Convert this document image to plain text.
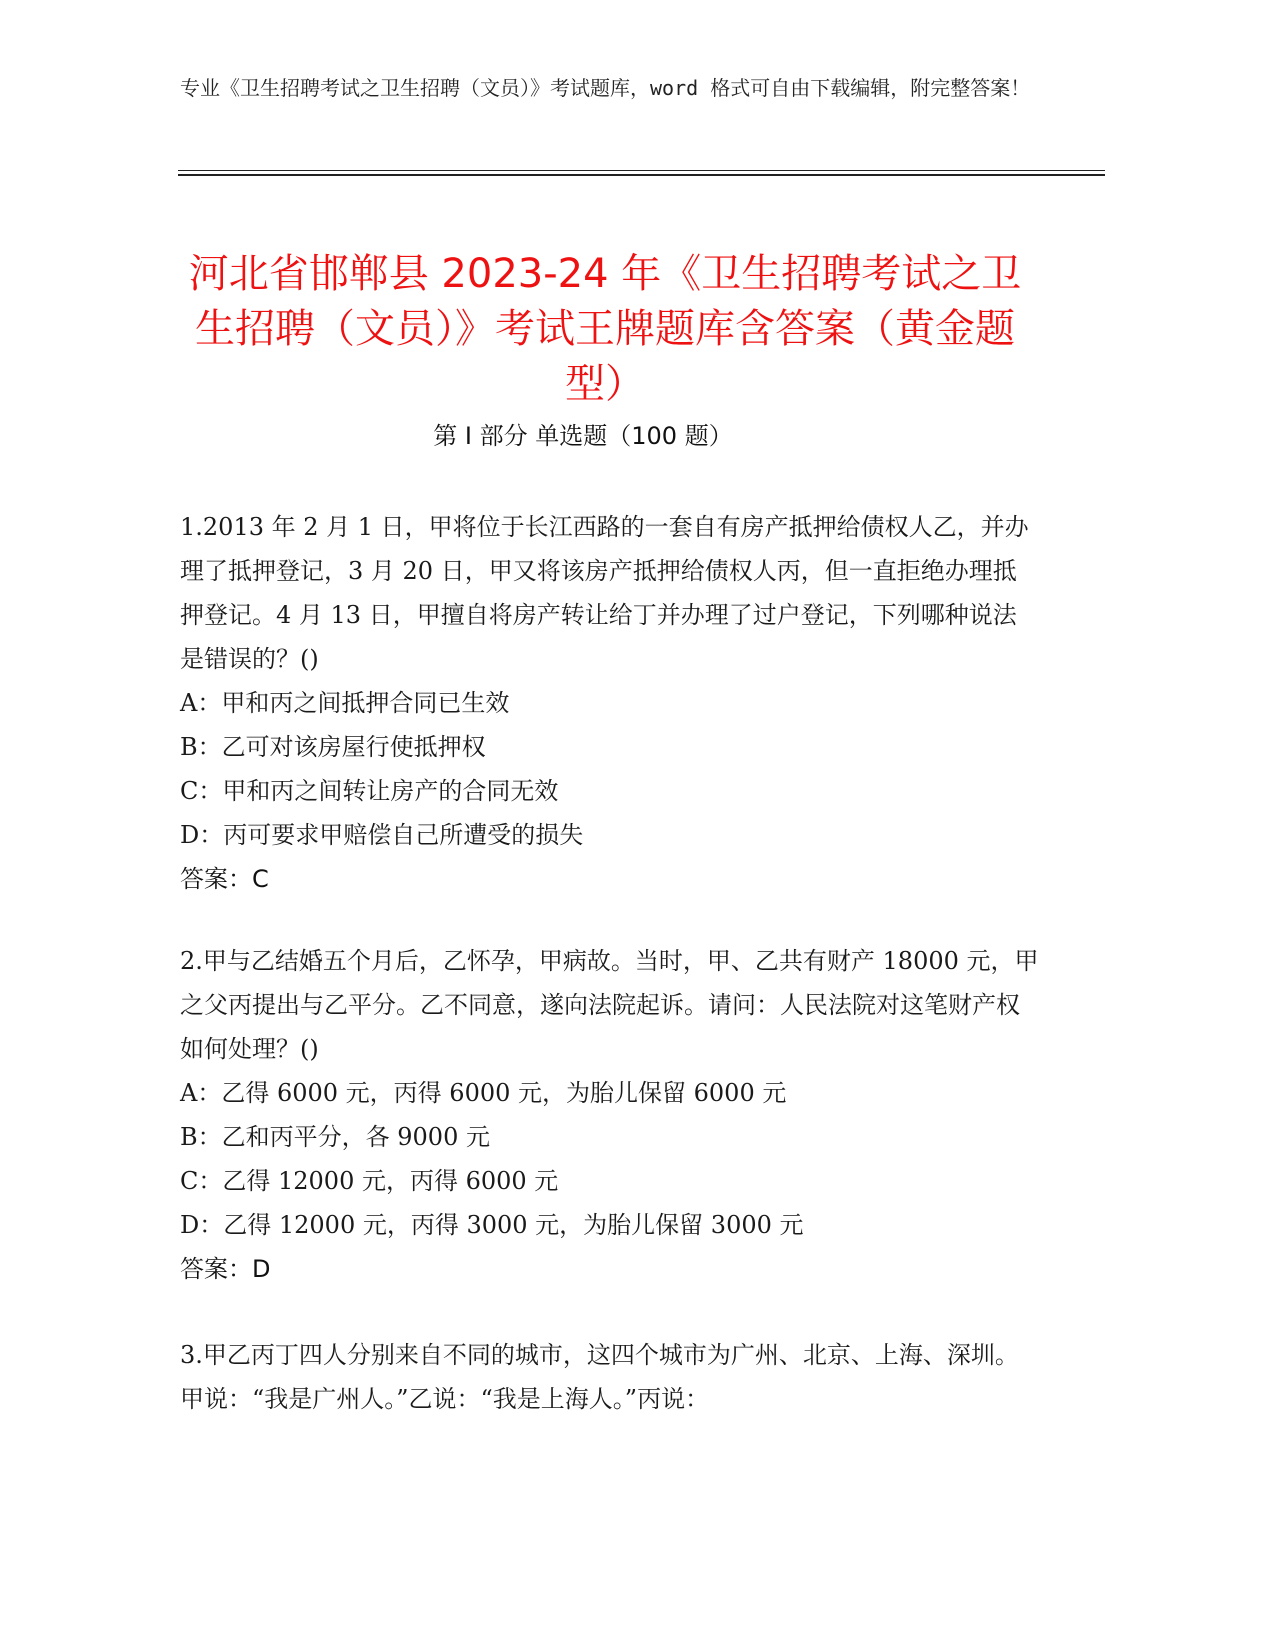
专业《卫生招聘考试之卫生招聘（文员）》考试题库，word 格式可自由下载编辑，附完整答案！
河北省邯郸县 2023-24 年《卫生招聘考试之卫生招聘（文员）》考试王牌题库含答案（黄金题型）
第 I 部分 单选题（100 题）

1.2013 年 2 月 1 日，甲将位于长江西路的一套自有房产抵押给债权人乙，并办理了抵押登记，3 月 20 日，甲又将该房产抵押给债权人丙，但一直拒绝办理抵押登记。4 月 13 日，甲擅自将房产转让给丁并办理了过户登记，下列哪种说法是错误的？()

A：甲和丙之间抵押合同已生效

B：乙可对该房屋行使抵押权

C：甲和丙之间转让房产的合同无效

D：丙可要求甲赔偿自己所遭受的损失

答案：C

2.甲与乙结婚五个月后，乙怀孕，甲病故。当时，甲、乙共有财产 18000 元，甲之父丙提出与乙平分。乙不同意，遂向法院起诉。请问：人民法院对这笔财产权如何处理？()

A：乙得 6000 元，丙得 6000 元，为胎儿保留 6000 元

B：乙和丙平分，各 9000 元

C：乙得 12000 元，丙得 6000 元

D：乙得 12000 元，丙得 3000 元，为胎儿保留 3000 元

答案：D

3.甲乙丙丁四人分别来自不同的城市，这四个城市为广州、北京、上海、深圳。甲说：“我是广州人。”乙说：“我是上海人。”丙说：
